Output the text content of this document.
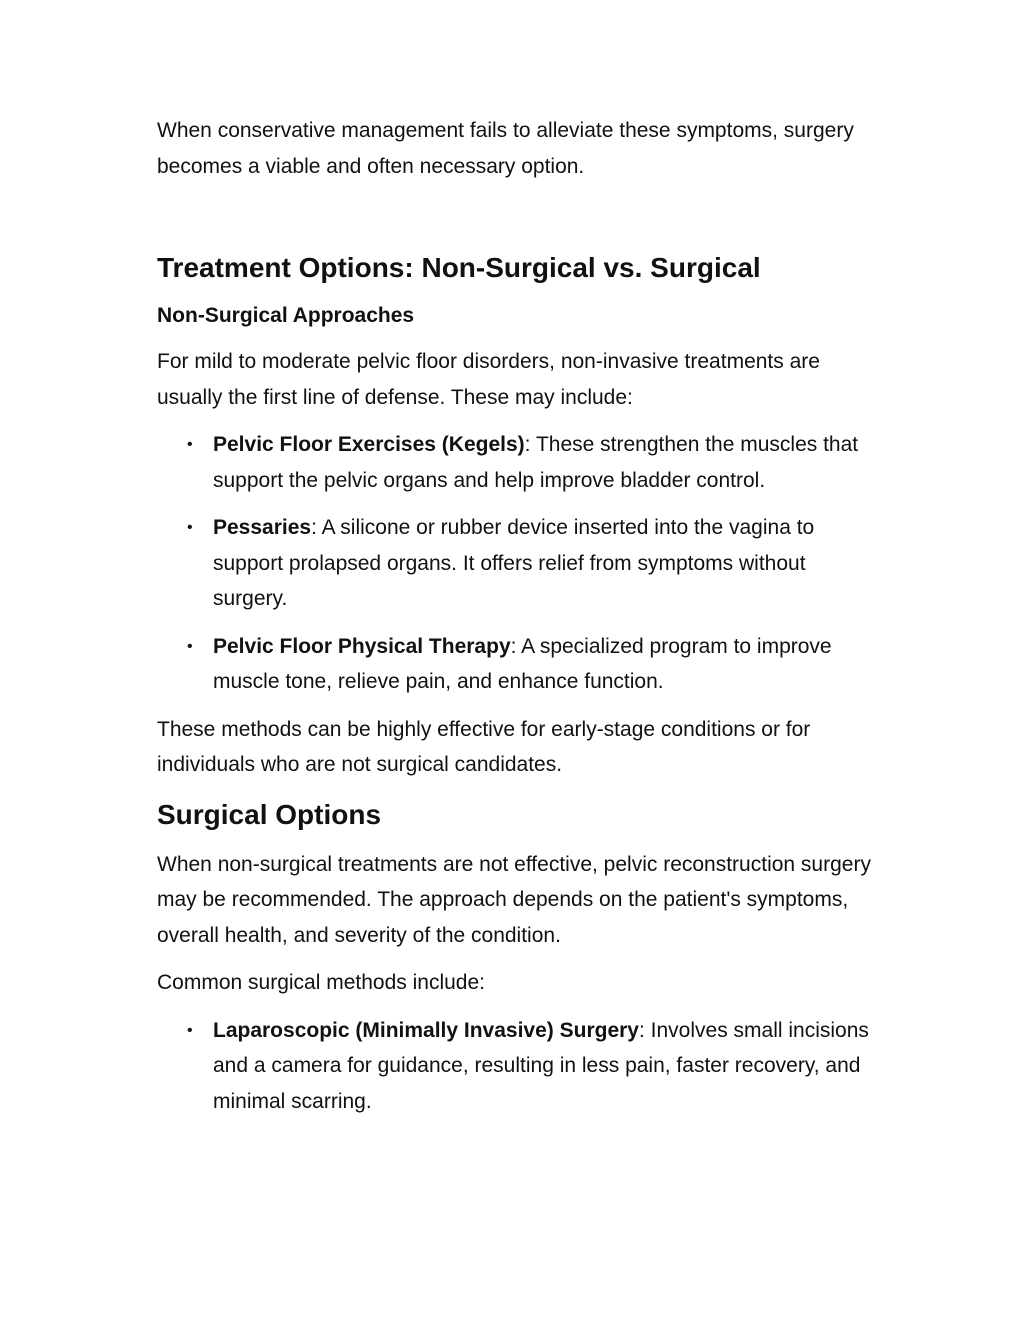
When conservative management fails to alleviate these symptoms, surgery becomes a viable and often necessary option.

Treatment Options: Non-Surgical vs. Surgical
Non-Surgical Approaches

For mild to moderate pelvic floor disorders, non-invasive treatments are usually the first line of defense. These may include:

• Pelvic Floor Exercises (Kegels): These strengthen the muscles that support the pelvic organs and help improve bladder control.
• Pessaries: A silicone or rubber device inserted into the vagina to support prolapsed organs. It offers relief from symptoms without surgery.
• Pelvic Floor Physical Therapy: A specialized program to improve muscle tone, relieve pain, and enhance function.

These methods can be highly effective for early-stage conditions or for individuals who are not surgical candidates.

Surgical Options

When non-surgical treatments are not effective, pelvic reconstruction surgery may be recommended. The approach depends on the patient's symptoms, overall health, and severity of the condition.

Common surgical methods include:

• Laparoscopic (Minimally Invasive) Surgery: Involves small incisions and a camera for guidance, resulting in less pain, faster recovery, and minimal scarring.
